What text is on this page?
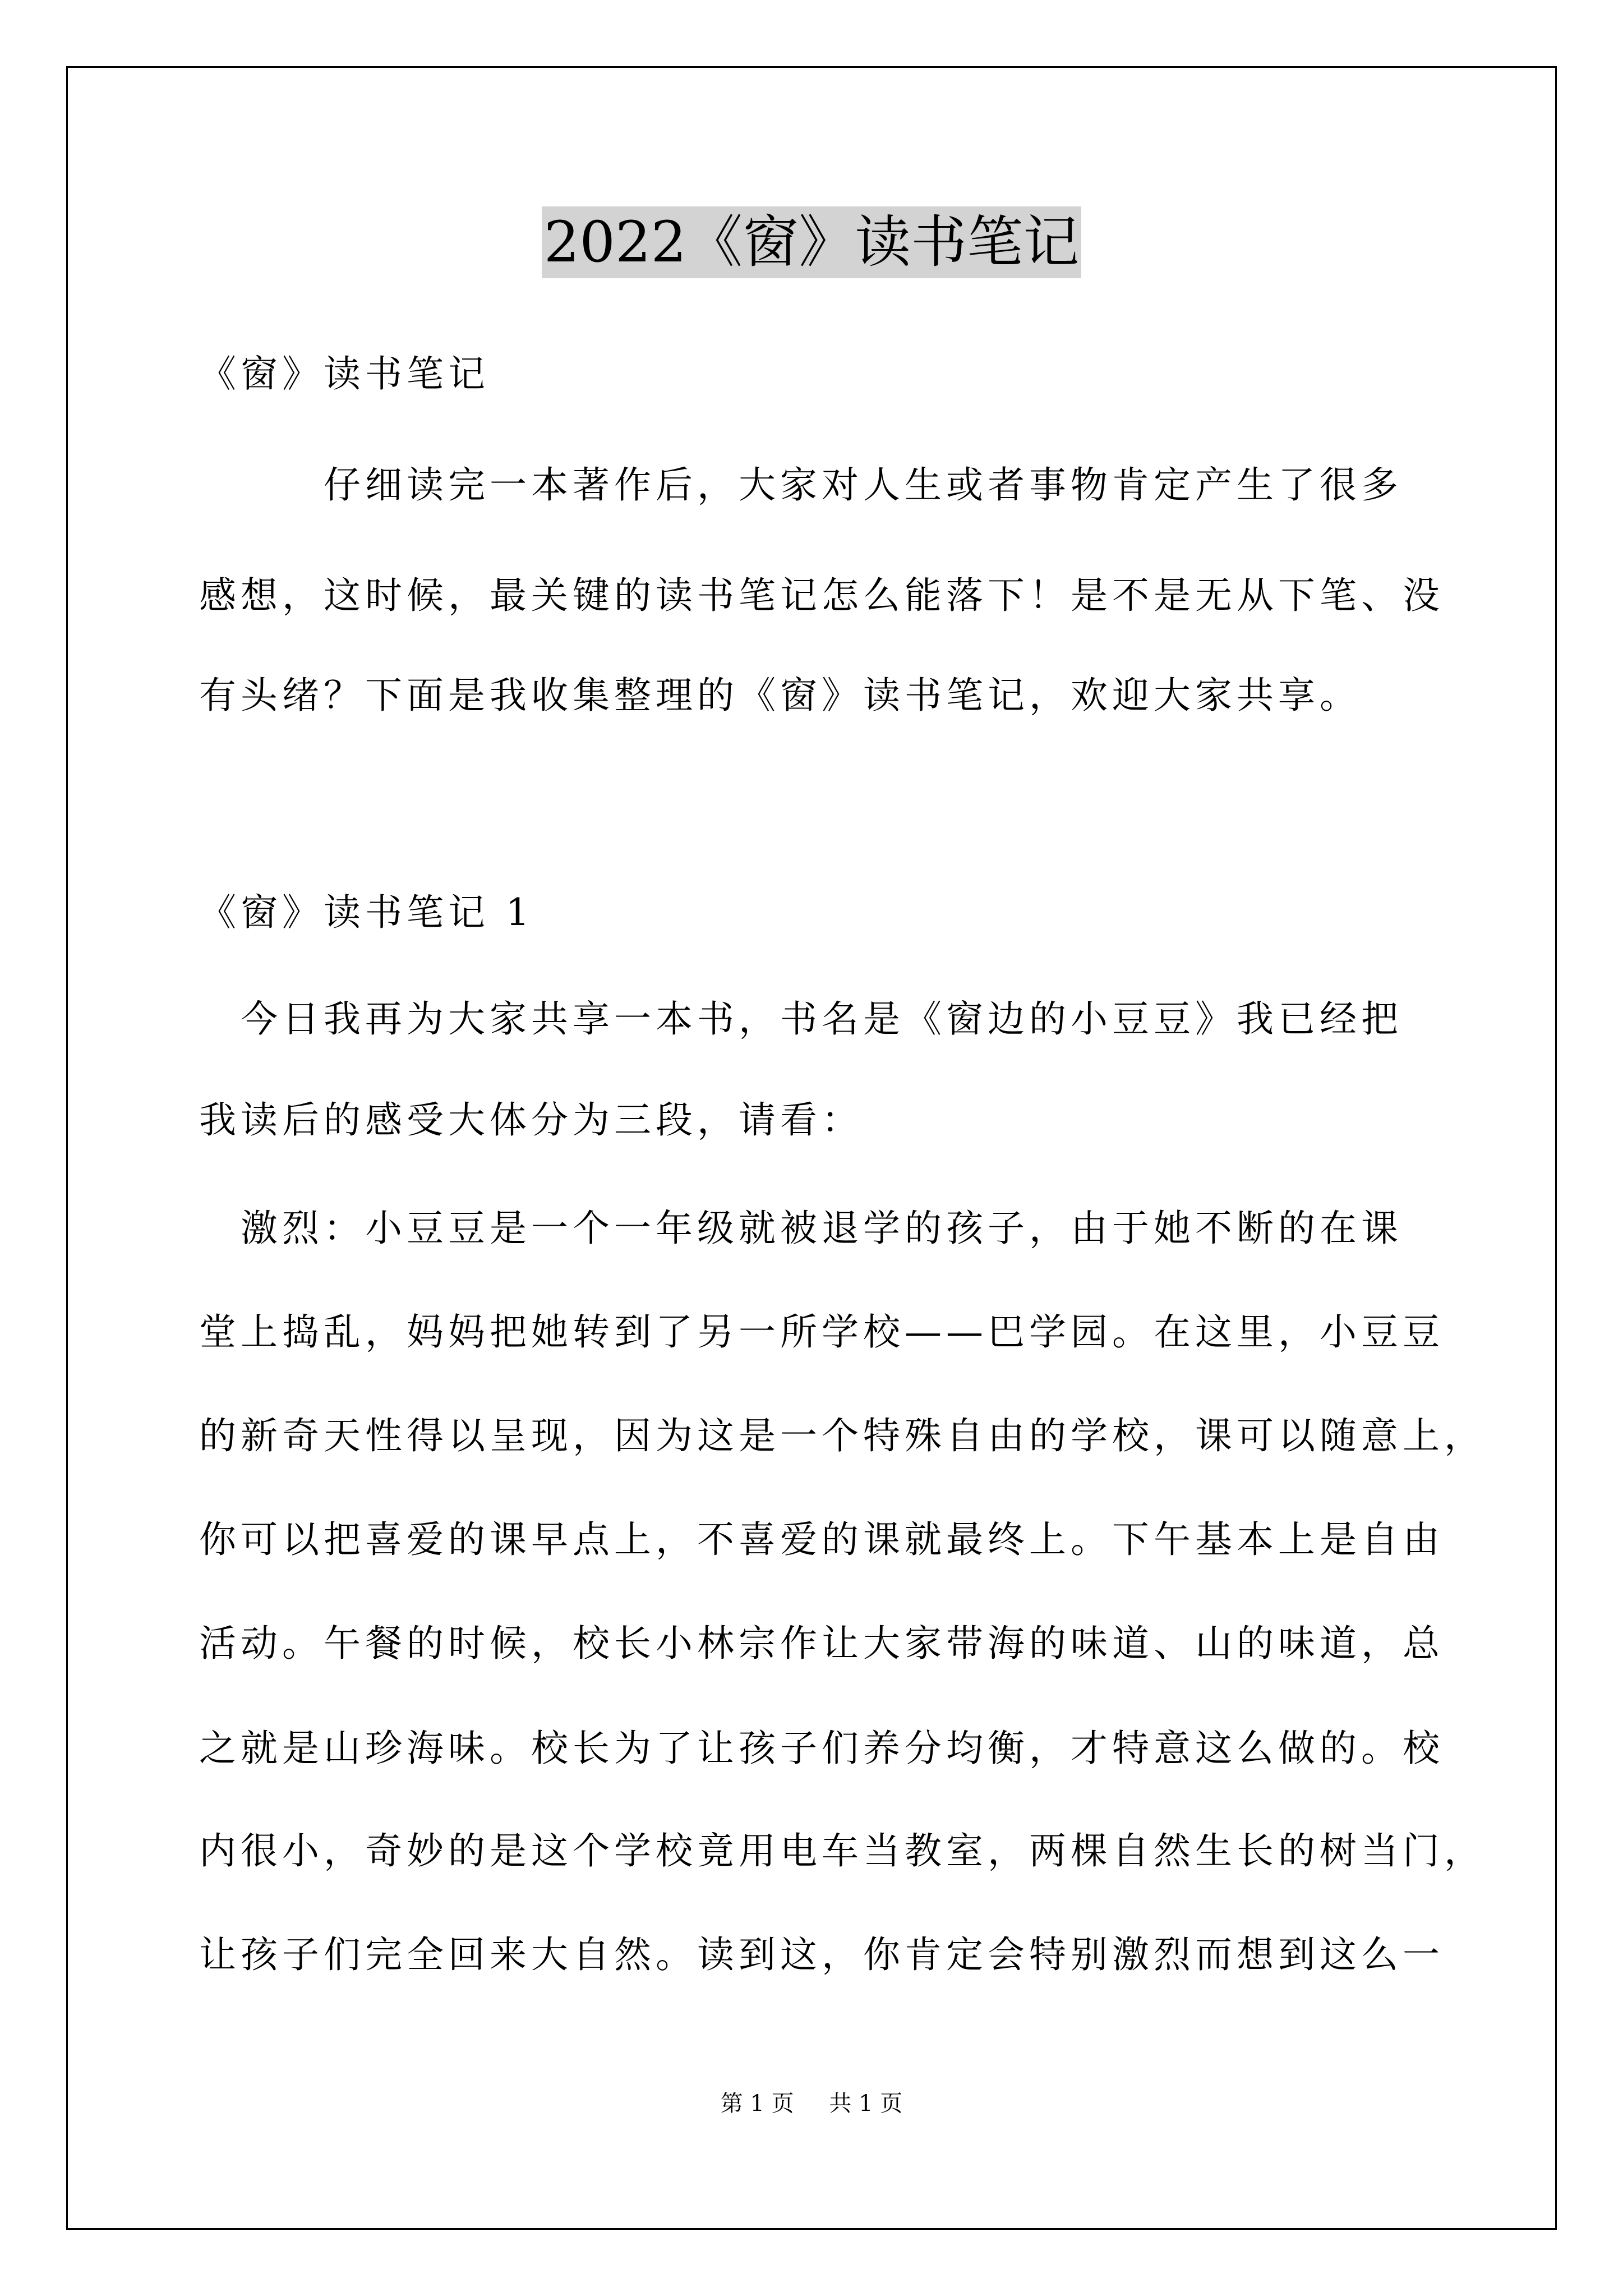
2022《窗》读书笔记
《窗》读书笔记
　　　仔细读完一本著作后，大家对人生或者事物肯定产生了很多
感想，这时候，最关键的读书笔记怎么能落下！是不是无从下笔、没
有头绪？下面是我收集整理的《窗》读书笔记，欢迎大家共享。
《窗》读书笔记 1
　今日我再为大家共享一本书，书名是《窗边的小豆豆》我已经把
我读后的感受大体分为三段，请看：
　激烈：小豆豆是一个一年级就被退学的孩子，由于她不断的在课
堂上捣乱，妈妈把她转到了另一所学校——巴学园。在这里，小豆豆
的新奇天性得以呈现，因为这是一个特殊自由的学校，课可以随意上，
你可以把喜爱的课早点上，不喜爱的课就最终上。下午基本上是自由
活动。午餐的时候，校长小林宗作让大家带海的味道、山的味道，总
之就是山珍海味。校长为了让孩子们养分均衡，才特意这么做的。校
内很小，奇妙的是这个学校竟用电车当教室，两棵自然生长的树当门，
让孩子们完全回来大自然。读到这，你肯定会特别激烈而想到这么一
第 1 页 共 1 页
